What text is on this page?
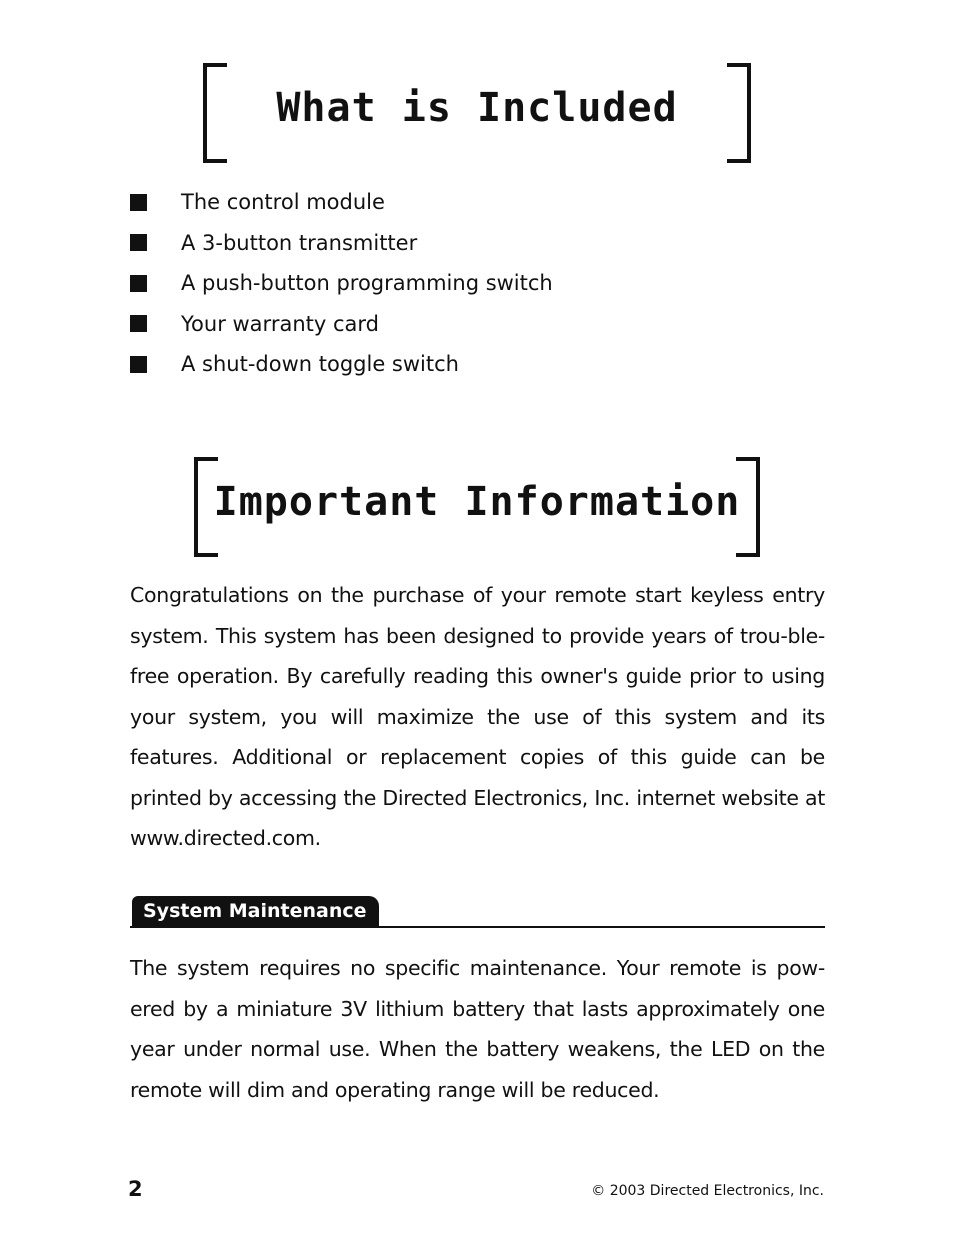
What is Included
The control module
A 3-button transmitter
A push-button programming switch
Your warranty card
A shut-down toggle switch
Important Information

Congratulations on the purchase of your remote start keyless entry system. This system has been designed to provide years of trou-ble-free operation. By carefully reading this owner's guide prior to using your system, you will maximize the use of this system and its features. Additional or replacement copies of this guide can be printed by accessing the Directed Electronics, Inc. internet website at www.directed.com.

System Maintenance

The system requires no specific maintenance. Your remote is pow-ered by a miniature 3V lithium battery that lasts approximately one year under normal use. When the battery weakens, the LED on the remote will dim and operating range will be reduced.

2	© 2003 Directed Electronics, Inc.
